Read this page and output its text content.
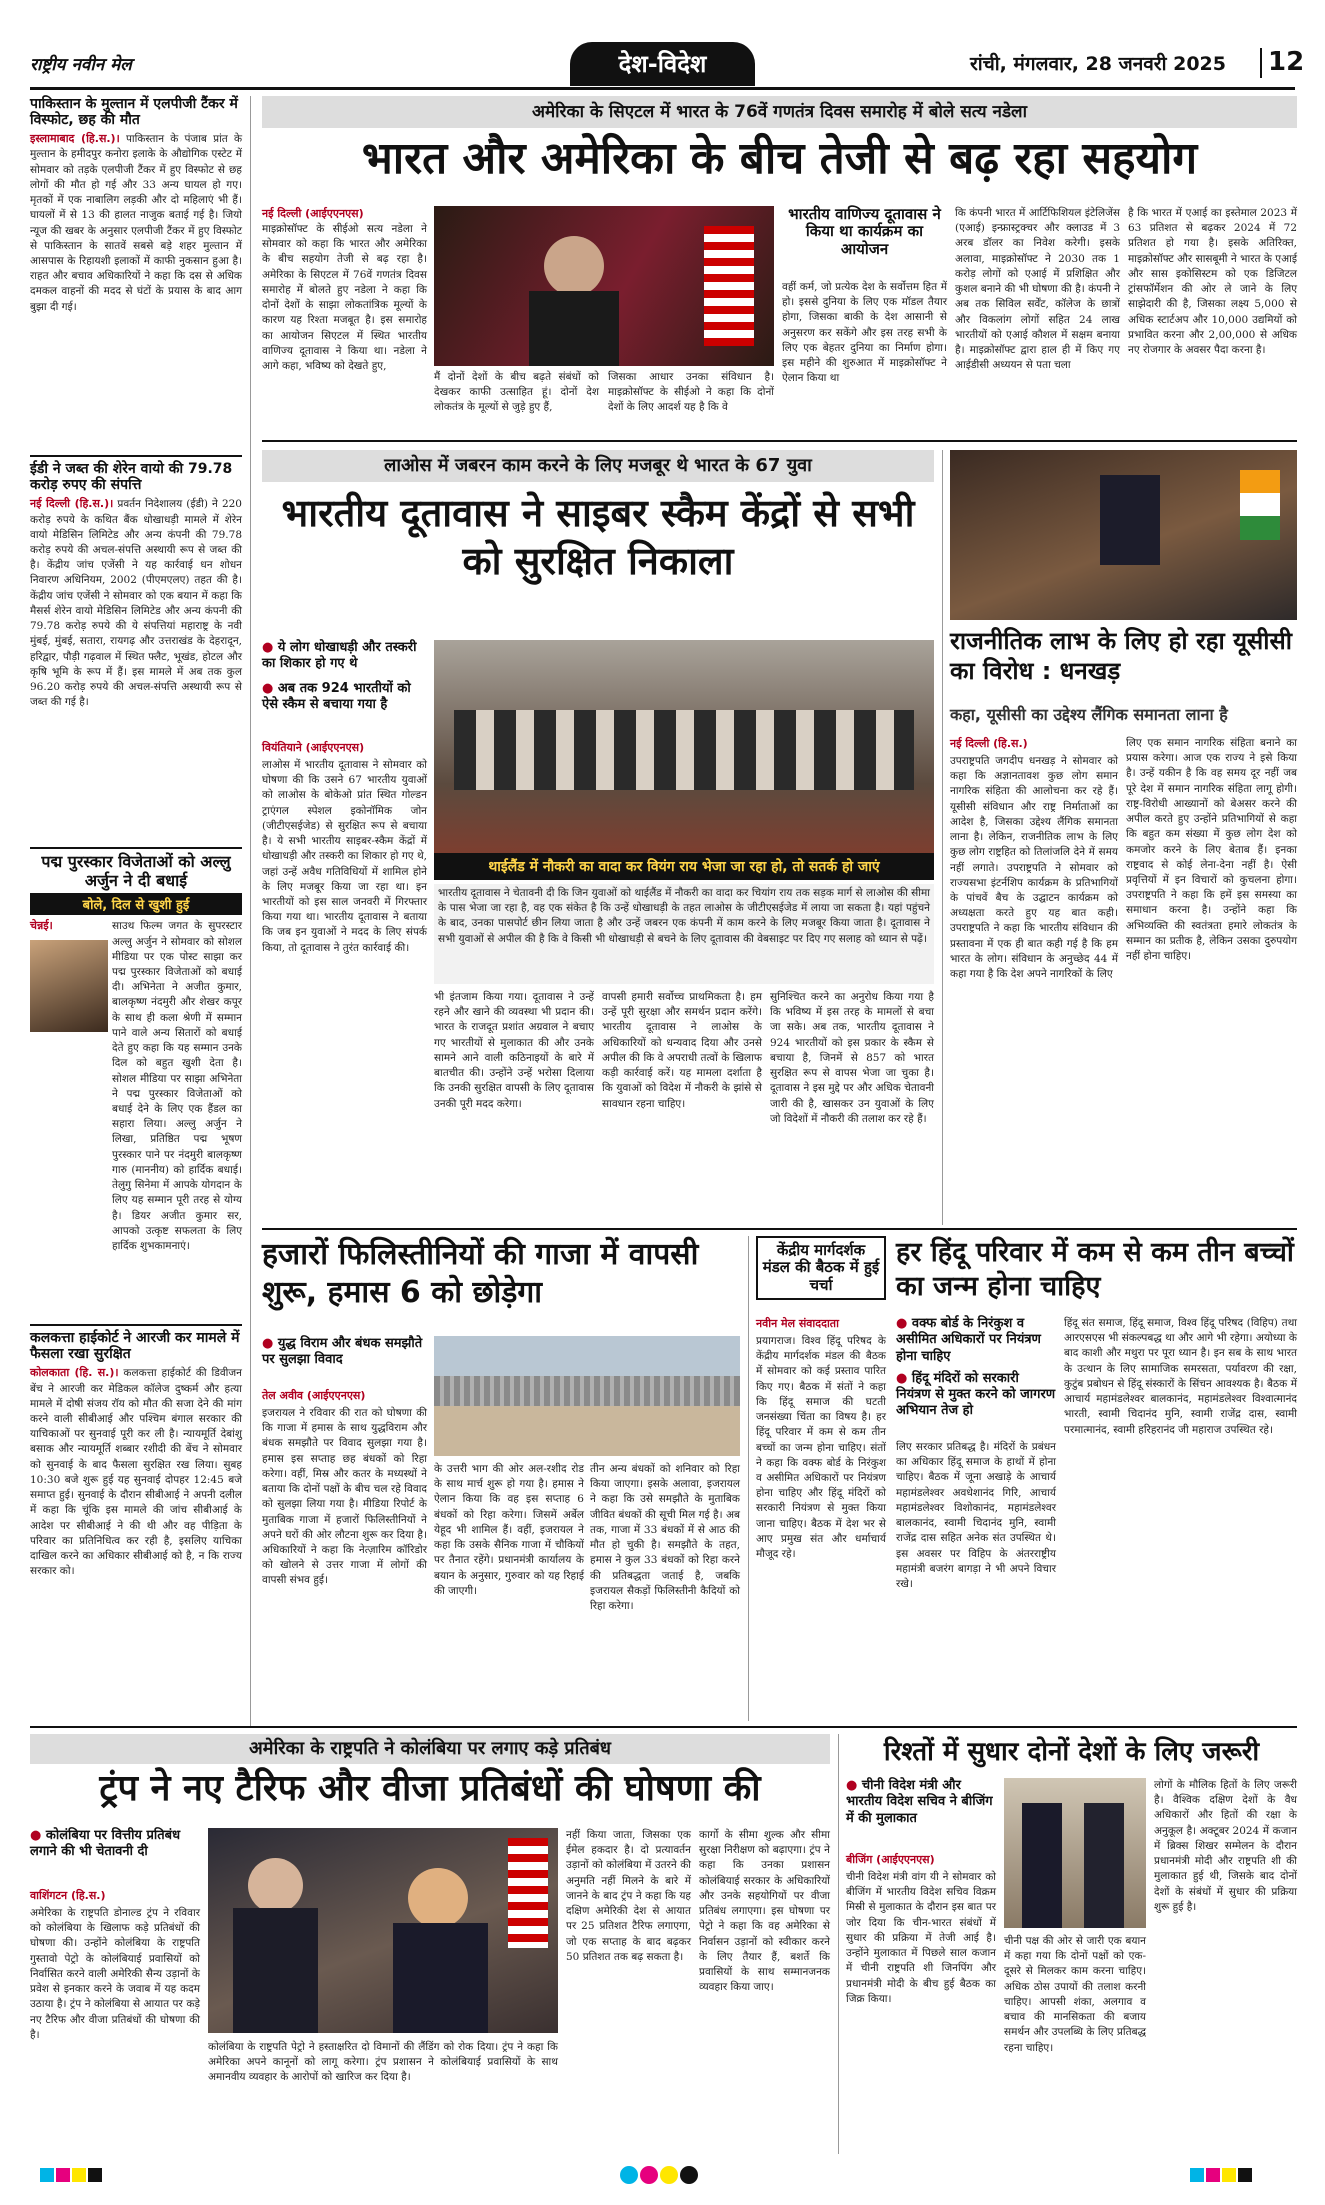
राष्ट्रीय नवीन मेल	देश-विदेश	रांची, मंगलवार, 28 जनवरी 2025	12
पाकिस्तान के मुल्तान में एलपीजी टैंकर में विस्फोट, छह की मौत
इस्लामाबाद (हि.स.)। पाकिस्तान के पंजाब प्रांत के मुल्तान के हमीदपुर कनोरा इलाके के औद्योगिक एस्टेट में सोमवार को तड़के एलपीजी टैंकर में हुए विस्फोट से छह लोगों की मौत हो गई और 33 अन्य घायल हो गए। मृतकों में एक नाबालिग लड़की और दो महिलाएं भी हैं। घायलों में से 13 की हालत नाजुक बताई गई है। जियो न्यूज की खबर के अनुसार एलपीजी टैंकर में हुए विस्फोट से पाकिस्तान के सातवें सबसे बड़े शहर मुल्तान में आसपास के रिहायशी इलाकों में काफी नुकसान हुआ है। राहत और बचाव अधिकारियों ने कहा कि दस से अधिक दमकल वाहनों की मदद से घंटों के प्रयास के बाद आग बुझा दी गई।
ईडी ने जब्त की शेरेन वायो की 79.78 करोड़ रुपए की संपत्ति
नई दिल्ली (हि.स.)। प्रवर्तन निदेशालय (ईडी) ने 220 करोड़ रुपये के कथित बैंक धोखाधड़ी मामले में शेरेन वायो मेडिसिन लिमिटेड और अन्य कंपनी की 79.78 करोड़ रुपये की अचल-संपत्ति अस्थायी रूप से जब्त की है। केंद्रीय जांच एजेंसी ने यह कार्रवाई धन शोधन निवारण अधिनियम, 2002 (पीएमएलए) तहत की है। केंद्रीय जांच एजेंसी ने सोमवार को एक बयान में कहा कि मैसर्स शेरेन वायो मेडिसिन लिमिटेड और अन्य कंपनी की 79.78 करोड़ रुपये की ये संपत्तियां महाराष्ट्र के नवी मुंबई, मुंबई, सतारा, रायगढ़ और उत्तराखंड के देहरादून, हरिद्वार, पौड़ी गढ़वाल में स्थित फ्लैट, भूखंड, होटल और कृषि भूमि के रूप में हैं। इस मामले में अब तक कुल 96.20 करोड़ रुपये की अचल-संपत्ति अस्थायी रूप से जब्त की गई है।
पद्म पुरस्कार विजेताओं को अल्लु अर्जुन ने दी बधाई
बोले, दिल से खुशी हुई
चेन्नई।	साउथ फिल्म जगत के सुपरस्टार अल्लु अर्जुन ने सोमवार को सोशल मीडिया पर एक पोस्ट साझा कर पद्म पुरस्कार विजेताओं को बधाई दी। अभिनेता ने अजीत कुमार, बालकृष्ण नंदमुरी और शेखर कपूर के साथ ही कला श्रेणी में सम्मान पाने वाले अन्य सितारों को बधाई देते हुए कहा कि यह सम्मान उनके दिल को बहुत खुशी देता है। सोशल मीडिया पर साझा अभिनेता ने पद्म पुरस्कार विजेताओं को बधाई देने के लिए एक हैंडल का सहारा लिया। अल्लु अर्जुन ने लिखा, प्रतिष्ठित पद्म भूषण पुरस्कार पाने पर नंदमुरी बालकृष्ण गारु (माननीय) को हार्दिक बधाई। तेलुगु सिनेमा में आपके योगदान के लिए यह सम्मान पूरी तरह से योग्य है। डियर अजीत कुमार सर, आपको उत्कृष्ट सफलता के लिए हार्दिक शुभकामनाएं।
कलकत्ता हाईकोर्ट ने आरजी कर मामले में फैसला रखा सुरक्षित
कोलकाता (हि. स.)। कलकत्ता हाईकोर्ट की डिवीजन बेंच ने आरजी कर मेडिकल कॉलेज दुष्कर्म और हत्या मामले में दोषी संजय रॉय को मौत की सजा देने की मांग करने वाली सीबीआई और पश्चिम बंगाल सरकार की याचिकाओं पर सुनवाई पूरी कर ली है। न्यायमूर्ति देबांशु बसाक और न्यायमूर्ति शब्बार रशीदी की बेंच ने सोमवार को सुनवाई के बाद फैसला सुरक्षित रख लिया। सुबह 10:30 बजे शुरू हुई यह सुनवाई दोपहर 12:45 बजे समाप्त हुई। सुनवाई के दौरान सीबीआई ने अपनी दलील में कहा कि चूंकि इस मामले की जांच सीबीआई के आदेश पर सीबीआई ने की थी और वह पीड़िता के परिवार का प्रतिनिधित्व कर रही है, इसलिए याचिका दाखिल करने का अधिकार सीबीआई को है, न कि राज्य सरकार को।
अमेरिका के सिएटल में भारत के 76वें गणतंत्र दिवस समारोह में बोले सत्य नडेला
भारत और अमेरिका के बीच तेजी से बढ़ रहा सहयोग
नई दिल्ली (आईएएनएस)
माइक्रोसॉफ्ट के सीईओ सत्य नडेला ने सोमवार को कहा कि भारत और अमेरिका के बीच सहयोग तेजी से बढ़ रहा है। अमेरिका के सिएटल में 76वें गणतंत्र दिवस समारोह में बोलते हुए नडेला ने कहा कि दोनों देशों के साझा लोकतांत्रिक मूल्यों के कारण यह रिश्ता मजबूत है। इस समारोह का आयोजन सिएटल में स्थित भारतीय वाणिज्य दूतावास ने किया था। नडेला ने आगे कहा, भविष्य को देखते हुए,
मैं दोनों देशों के बीच बढ़ते संबंधों को देखकर काफी उत्साहित हूं। दोनों देश लोकतंत्र के मूल्यों से जुड़े हुए हैं,
जिसका आधार उनका संविधान है। माइक्रोसॉफ्ट के सीईओ ने कहा कि दोनों देशों के लिए आदर्श यह है कि वे
भारतीय वाणिज्य दूतावास ने किया था कार्यक्रम का आयोजन
वहीं कर्म, जो प्रत्येक देश के सर्वोत्तम हित में हो। इससे दुनिया के लिए एक मॉडल तैयार होगा, जिसका बाकी के देश आसानी से अनुसरण कर सकेंगे और इस तरह सभी के लिए एक बेहतर दुनिया का निर्माण होगा। इस महीने की शुरुआत में माइक्रोसॉफ्ट ने ऐलान किया था
कि कंपनी भारत में आर्टिफिशियल इंटेलिजेंस (एआई) इन्फ्रास्ट्रक्चर और क्लाउड में 3 अरब डॉलर का निवेश करेगी। इसके अलावा, माइक्रोसॉफ्ट ने 2030 तक 1 करोड़ लोगों को एआई में प्रशिक्षित और कुशल बनाने की भी घोषणा की है। कंपनी ने अब तक सिविल सर्वेंट, कॉलेज के छात्रों और विकलांग लोगों सहित 24 लाख भारतीयों को एआई कौशल में सक्षम बनाया है। माइक्रोसॉफ्ट द्वारा हाल ही में किए गए आईडीसी अध्ययन से पता चला
है कि भारत में एआई का इस्तेमाल 2023 में 63 प्रतिशत से बढ़कर 2024 में 72 प्रतिशत हो गया है। इसके अतिरिक्त, माइक्रोसॉफ्ट और सासबूमी ने भारत के एआई और सास इकोसिस्टम को एक डिजिटल ट्रांसफॉर्मेशन की ओर ले जाने के लिए साझेदारी की है, जिसका लक्ष्य 5,000 से अधिक स्टार्टअप और 10,000 उद्यमियों को प्रभावित करना और 2,00,000 से अधिक नए रोजगार के अवसर पैदा करना है।
लाओस में जबरन काम करने के लिए मजबूर थे भारत के 67 युवा
भारतीय दूतावास ने साइबर स्कैम केंद्रों से सभी को सुरक्षित निकाला
● ये लोग धोखाधड़ी और तस्करी का शिकार हो गए थे
● अब तक 924 भारतीयों को ऐसे स्कैम से बचाया गया है
वियंतियाने (आईएएनएस)
लाओस में भारतीय दूतावास ने सोमवार को घोषणा की कि उसने 67 भारतीय युवाओं को लाओस के बोकेओ प्रांत स्थित गोल्डन ट्राएंगल स्पेशल इकोनॉमिक जोन (जीटीएसईजेड) से सुरक्षित रूप से बचाया है। ये सभी भारतीय साइबर-स्कैम केंद्रों में धोखाधड़ी और तस्करी का शिकार हो गए थे, जहां उन्हें अवैध गतिविधियों में शामिल होने के लिए मजबूर किया जा रहा था। इन भारतीयों को इस साल जनवरी में गिरफ्तार किया गया था। भारतीय दूतावास ने बताया कि जब इन युवाओं ने मदद के लिए संपर्क किया, तो दूतावास ने तुरंत कार्रवाई की।
थाईलैंड में नौकरी का वादा कर वियंग राय भेजा जा रहा हो, तो सतर्क हो जाएं
भारतीय दूतावास ने चेतावनी दी कि जिन युवाओं को थाईलैंड में नौकरी का वादा कर चियांग राय तक सड़क मार्ग से लाओस की सीमा के पास भेजा जा रहा है, वह एक संकेत है कि उन्हें धोखाधड़ी के तहत लाओस के जीटीएसईजेड में लाया जा सकता है। यहां पहुंचने के बाद, उनका पासपोर्ट छीन लिया जाता है और उन्हें जबरन एक कंपनी में काम करने के लिए मजबूर किया जाता है। दूतावास ने सभी युवाओं से अपील की है कि वे किसी भी धोखाधड़ी से बचने के लिए दूतावास की वेबसाइट पर दिए गए सलाह को ध्यान से पढ़ें।
भी इंतजाम किया गया। दूतावास ने उन्हें रहने और खाने की व्यवस्था भी प्रदान की। भारत के राजदूत प्रशांत अग्रवाल ने बचाए गए भारतीयों से मुलाकात की और उनके सामने आने वाली कठिनाइयों के बारे में बातचीत की। उन्होंने उन्हें भरोसा दिलाया कि उनकी सुरक्षित वापसी के लिए दूतावास उनकी पूरी मदद करेगा।
वापसी हमारी सर्वोच्च प्राथमिकता है। हम उन्हें पूरी सुरक्षा और समर्थन प्रदान करेंगे। भारतीय दूतावास ने लाओस के अधिकारियों को धन्यवाद दिया और उनसे अपील की कि वे अपराधी तत्वों के खिलाफ कड़ी कार्रवाई करें। यह मामला दर्शाता है कि युवाओं को विदेश में नौकरी के झांसे से सावधान रहना चाहिए।
सुनिश्चित करने का अनुरोध किया गया है कि भविष्य में इस तरह के मामलों से बचा जा सके। अब तक, भारतीय दूतावास ने 924 भारतीयों को इस प्रकार के स्कैम से बचाया है, जिनमें से 857 को भारत सुरक्षित रूप से वापस भेजा जा चुका है। दूतावास ने इस मुद्दे पर और अधिक चेतावनी जारी की है, खासकर उन युवाओं के लिए जो विदेशों में नौकरी की तलाश कर रहे हैं।
राजनीतिक लाभ के लिए हो रहा यूसीसी का विरोध : धनखड़
कहा, यूसीसी का उद्देश्य लैंगिक समानता लाना है
नई दिल्ली (हि.स.)
उपराष्ट्रपति जगदीप धनखड़ ने सोमवार को कहा कि अज्ञानतावश कुछ लोग समान नागरिक संहिता की आलोचना कर रहे हैं। यूसीसी संविधान और राष्ट्र निर्माताओं का आदेश है, जिसका उद्देश्य लैंगिक समानता लाना है। लेकिन, राजनीतिक लाभ के लिए कुछ लोग राष्ट्रहित को तिलांजलि देने में समय नहीं लगाते। उपराष्ट्रपति ने सोमवार को राज्यसभा इंटर्नशिप कार्यक्रम के प्रतिभागियों के पांचवें बैच के उद्घाटन कार्यक्रम को अध्यक्षता करते हुए यह बात कही। उपराष्ट्रपति ने कहा कि भारतीय संविधान की प्रस्तावना में एक ही बात कही गई है कि हम भारत के लोग। संविधान के अनुच्छेद 44 में कहा गया है कि देश अपने नागरिकों के लिए
लिए एक समान नागरिक संहिता बनाने का प्रयास करेगा। आज एक राज्य ने इसे किया है। उन्हें यकीन है कि वह समय दूर नहीं जब पूरे देश में समान नागरिक संहिता लागू होगी। राष्ट्र-विरोधी आख्यानों को बेअसर करने की अपील करते हुए उन्होंने प्रतिभागियों से कहा कि बहुत कम संख्या में कुछ लोग देश को कमजोर करने के लिए बेताब हैं। इनका राष्ट्रवाद से कोई लेना-देना नहीं है। ऐसी प्रवृत्तियों में इन विचारों को कुचलना होगा। उपराष्ट्रपति ने कहा कि हमें इस समस्या का समाधान करना है। उन्होंने कहा कि अभिव्यक्ति की स्वतंत्रता हमारे लोकतंत्र के सम्मान का प्रतीक है, लेकिन उसका दुरुपयोग नहीं होना चाहिए।
हजारों फिलिस्तीनियों की गाजा में वापसी शुरू, हमास 6 को छोड़ेगा
● युद्ध विराम और बंधक समझौते पर सुलझा विवाद
तेल अवीव (आईएएनएस)
इजरायल ने रविवार की रात को घोषणा की कि गाजा में हमास के साथ युद्धविराम और बंधक समझौते पर विवाद सुलझा गया है। हमास इस सप्ताह छह बंधकों को रिहा करेगा। वहीं, मिस्र और कतर के मध्यस्थों ने बताया कि दोनों पक्षों के बीच चल रहे विवाद को सुलझा लिया गया है। मीडिया रिपोर्ट के मुताबिक गाजा में हजारों फिलिस्तीनियों ने अपने घरों की ओर लौटना शुरू कर दिया है। अधिकारियों ने कहा कि नेत्ज़ारिम कॉरिडोर को खोलने से उत्तर गाजा में लोगों की वापसी संभव हुई।
के उत्तरी भाग की ओर अल-रशीद रोड के साथ मार्च शुरू हो गया है। हमास ने ऐलान किया कि वह इस सप्ताह 6 बंधकों को रिहा करेगा। जिसमें अर्बेल येहूद भी शामिल हैं। वहीं, इजरायल ने कहा कि उसके सैनिक गाजा में चौकियों पर तैनात रहेंगे। प्रधानमंत्री कार्यालय के बयान के अनुसार, गुरुवार को यह रिहाई की जाएगी।
तीन अन्य बंधकों को शनिवार को रिहा किया जाएगा। इसके अलावा, इजरायल ने कहा कि उसे समझौते के मुताबिक जीवित बंधकों की सूची मिल गई है। अब तक, गाजा में 33 बंधकों में से आठ की मौत हो चुकी है। समझौते के तहत, हमास ने कुल 33 बंधकों को रिहा करने की प्रतिबद्धता जताई है, जबकि इजरायल सैकड़ों फिलिस्तीनी कैदियों को रिहा करेगा।
केंद्रीय मार्गदर्शक मंडल की बैठक में हुई चर्चा
हर हिंदू परिवार में कम से कम तीन बच्चों का जन्म होना चाहिए
नवीन मेल संवाददाता
प्रयागराज। विश्व हिंदू परिषद के केंद्रीय मार्गदर्शक मंडल की बैठक में सोमवार को कई प्रस्ताव पारित किए गए। बैठक में संतों ने कहा कि हिंदू समाज की घटती जनसंख्या चिंता का विषय है। हर हिंदू परिवार में कम से कम तीन बच्चों का जन्म होना चाहिए। संतों ने कहा कि वक्फ बोर्ड के निरंकुश व असीमित अधिकारों पर नियंत्रण होना चाहिए और हिंदू मंदिरों को सरकारी नियंत्रण से मुक्त किया जाना चाहिए। बैठक में देश भर से आए प्रमुख संत और धर्माचार्य मौजूद रहे।
● वक्फ बोर्ड के निरंकुश व असीमित अधिकारों पर नियंत्रण होना चाहिए
● हिंदू मंदिरों को सरकारी नियंत्रण से मुक्त करने को जागरण अभियान तेज हो
लिए सरकार प्रतिबद्ध है। मंदिरों के प्रबंधन का अधिकार हिंदू समाज के हाथों में होना चाहिए। बैठक में जूना अखाड़े के आचार्य महामंडलेश्वर अवधेशानंद गिरि, आचार्य महामंडलेश्वर विशोकानंद, महामंडलेश्वर बालकानंद, स्वामी चिदानंद मुनि, स्वामी राजेंद्र दास सहित अनेक संत उपस्थित थे। इस अवसर पर विहिप के अंतरराष्ट्रीय महामंत्री बजरंग बागड़ा ने भी अपने विचार रखे।
हिंदू संत समाज, हिंदू समाज, विश्व हिंदू परिषद (विहिप) तथा आरएसएस भी संकल्पबद्ध था और आगे भी रहेगा। अयोध्या के बाद काशी और मथुरा पर पूरा ध्यान है। इन सब के साथ भारत के उत्थान के लिए सामाजिक समरसता, पर्यावरण की रक्षा, कुटुंब प्रबोधन से हिंदू संस्कारों के सिंचन आवश्यक है। बैठक में आचार्य महामंडलेश्वर बालकानंद, महामंडलेश्वर विश्वात्मानंद भारती, स्वामी चिदानंद मुनि, स्वामी राजेंद्र दास, स्वामी परमात्मानंद, स्वामी हरिहरानंद जी महाराज उपस्थित रहे।
अमेरिका के राष्ट्रपति ने कोलंबिया पर लगाए कड़े प्रतिबंध
ट्रंप ने नए टैरिफ और वीजा प्रतिबंधों की घोषणा की
● कोलंबिया पर वित्तीय प्रतिबंध लगाने की भी चेतावनी दी
वाशिंगटन (हि.स.)
अमेरिका के राष्ट्रपति डोनाल्ड ट्रंप ने रविवार को कोलंबिया के खिलाफ कड़े प्रतिबंधों की घोषणा की। उन्होंने कोलंबिया के राष्ट्रपति गुस्तावो पेट्रो के कोलंबियाई प्रवासियों को निर्वासित करने वाली अमेरिकी सैन्य उड़ानों के प्रवेश से इनकार करने के जवाब में यह कदम उठाया है। ट्रंप ने कोलंबिया से आयात पर कड़े नए टैरिफ और वीजा प्रतिबंधों की घोषणा की है।
कोलंबिया के राष्ट्रपति पेट्रो ने हस्ताक्षरित दो विमानों की लैंडिंग को रोक दिया। ट्रंप ने कहा कि अमेरिका अपने कानूनों को लागू करेगा। ट्रंप प्रशासन ने कोलंबियाई प्रवासियों के साथ अमानवीय व्यवहार के आरोपों को खारिज कर दिया है।
नहीं किया जाता, जिसका एक ईमेल हकदार है। दो प्रत्यावर्तन उड़ानों को कोलंबिया में उतरने की अनुमति नहीं मिलने के बारे में जानने के बाद ट्रंप ने कहा कि यह दक्षिण अमेरिकी देश से आयात पर 25 प्रतिशत टैरिफ लगाएगा, जो एक सप्ताह के बाद बढ़कर 50 प्रतिशत तक बढ़ सकता है।
कार्गो के सीमा शुल्क और सीमा सुरक्षा निरीक्षण को बढ़ाएगा। ट्रंप ने कहा कि उनका प्रशासन कोलंबियाई सरकार के अधिकारियों और उनके सहयोगियों पर वीजा प्रतिबंध लगाएगा। इस घोषणा पर पेट्रो ने कहा कि वह अमेरिका से निर्वासन उड़ानों को स्वीकार करने के लिए तैयार हैं, बशर्ते कि प्रवासियों के साथ सम्मानजनक व्यवहार किया जाए।
रिश्तों में सुधार दोनों देशों के लिए जरूरी
● चीनी विदेश मंत्री और भारतीय विदेश सचिव ने बीजिंग में की मुलाकात
बीजिंग (आईएएनएस)
चीनी विदेश मंत्री वांग यी ने सोमवार को बीजिंग में भारतीय विदेश सचिव विक्रम मिस्री से मुलाकात के दौरान इस बात पर जोर दिया कि चीन-भारत संबंधों में सुधार की प्रक्रिया में तेजी आई है। उन्होंने मुलाकात में पिछले साल कजान में चीनी राष्ट्रपति शी जिनपिंग और प्रधानमंत्री मोदी के बीच हुई बैठक का जिक्र किया।
चीनी पक्ष की ओर से जारी एक बयान में कहा गया कि दोनों पक्षों को एक-दूसरे से मिलकर काम करना चाहिए। अधिक ठोस उपायों की तलाश करनी चाहिए। आपसी शंका, अलगाव व बचाव की मानसिकता की बजाय समर्थन और उपलब्धि के लिए प्रतिबद्ध रहना चाहिए।
लोगों के मौलिक हितों के लिए जरूरी है। वैश्विक दक्षिण देशों के वैध अधिकारों और हितों की रक्षा के अनुकूल है। अक्टूबर 2024 में कजान में ब्रिक्स शिखर सम्मेलन के दौरान प्रधानमंत्री मोदी और राष्ट्रपति शी की मुलाकात हुई थी, जिसके बाद दोनों देशों के संबंधों में सुधार की प्रक्रिया शुरू हुई है।
